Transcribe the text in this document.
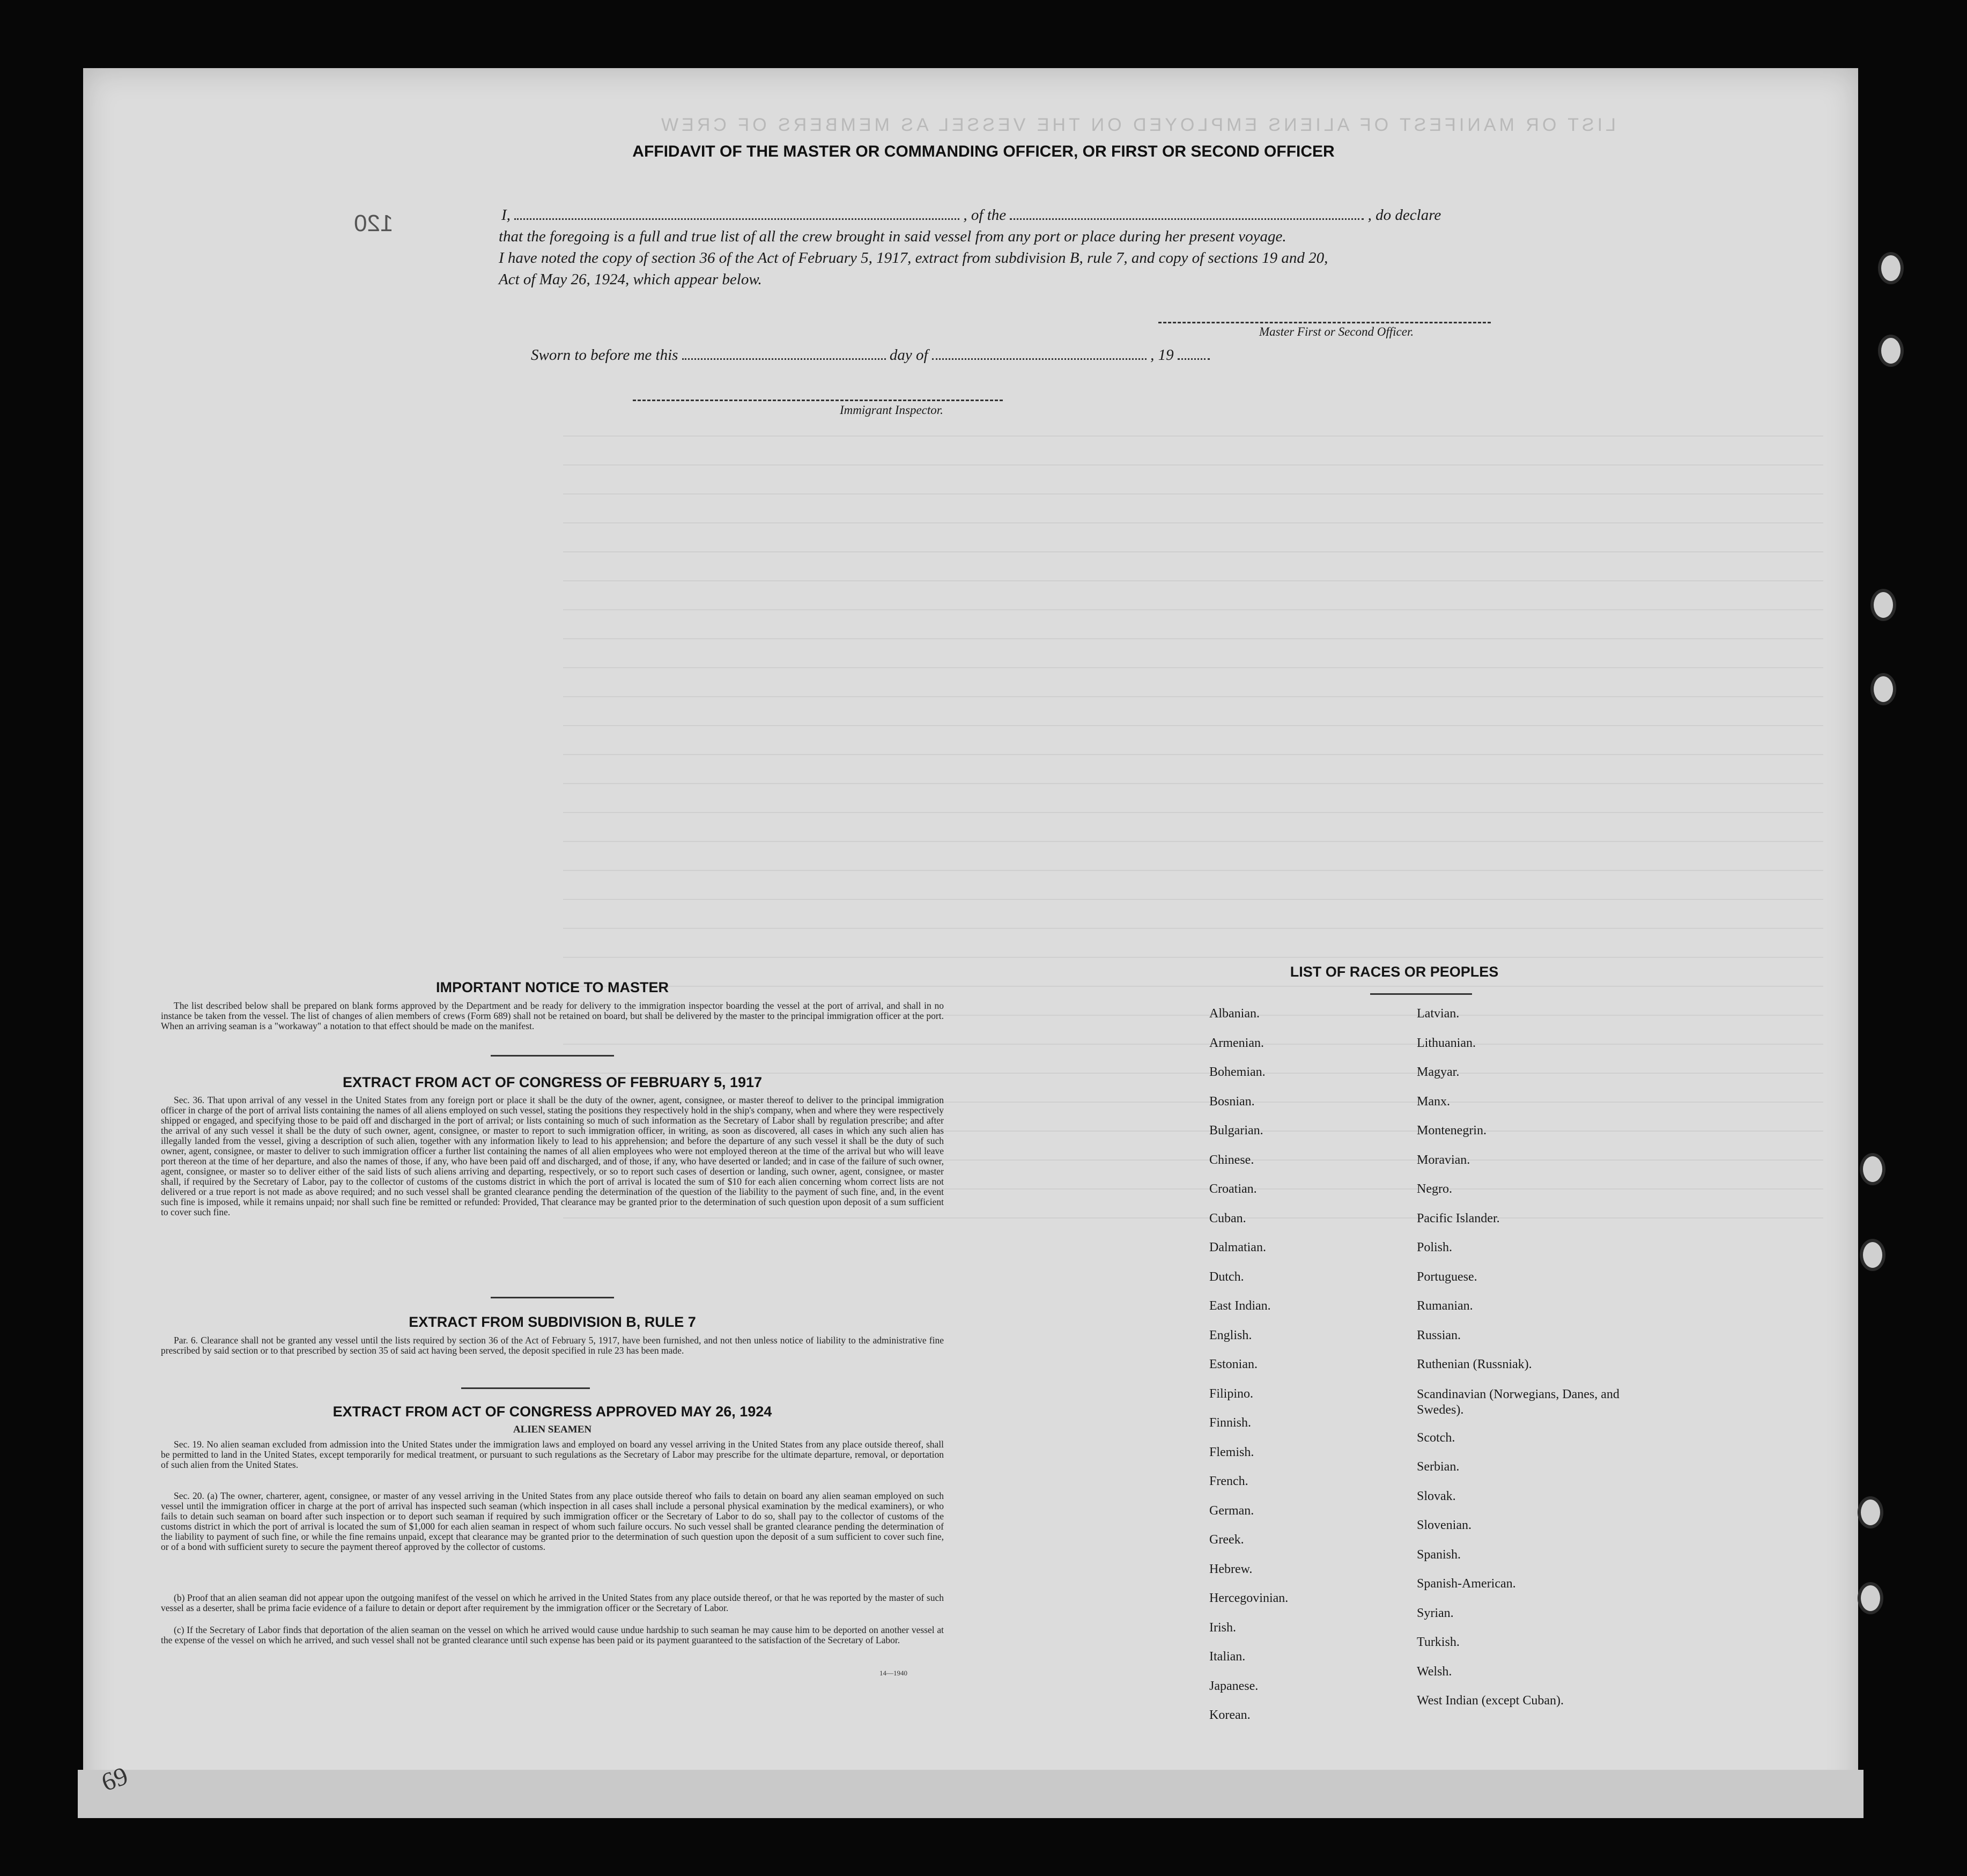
LIST OR MANIFEST OF ALIENS EMPLOYED ON THE VESSEL AS MEMBERS OF CREW
AFFIDAVIT OF THE MASTER OR COMMANDING OFFICER, OR FIRST OR SECOND OFFICER
120	I,	, of the	, do declare
that the foregoing is a full and true list of all the crew brought in said vessel from any port or place during her present voyage.
I have noted the copy of section 36 of the Act of February 5, 1917, extract from subdivision B, rule 7, and copy of sections 19 and 20,
Act of May 26, 1924, which appear below.
Master First or Second Officer.
Sworn to before me this	day of	, 19
Immigrant Inspector.
IMPORTANT NOTICE TO MASTER
The list described below shall be prepared on blank forms approved by the Department and be ready for delivery to the immigration inspector boarding the vessel at the port of arrival, and shall in no instance be taken from the vessel. The list of changes of alien members of crews (Form 689) shall not be retained on board, but shall be delivered by the master to the principal immigration officer at the port. When an arriving seaman is a "workaway" a notation to that effect should be made on the manifest.
EXTRACT FROM ACT OF CONGRESS OF FEBRUARY 5, 1917
Sec. 36. That upon arrival of any vessel in the United States from any foreign port or place it shall be the duty of the owner, agent, consignee, or master thereof to deliver to the principal immigration officer in charge of the port of arrival lists containing the names of all aliens employed on such vessel, stating the positions they respectively hold in the ship's company, when and where they were respectively shipped or engaged, and specifying those to be paid off and discharged in the port of arrival; or lists containing so much of such information as the Secretary of Labor shall by regulation prescribe; and after the arrival of any such vessel it shall be the duty of such owner, agent, consignee, or master to report to such immigration officer, in writing, as soon as discovered, all cases in which any such alien has illegally landed from the vessel, giving a description of such alien, together with any information likely to lead to his apprehension; and before the departure of any such vessel it shall be the duty of such owner, agent, consignee, or master to deliver to such immigration officer a further list containing the names of all alien employees who were not employed thereon at the time of the arrival but who will leave port thereon at the time of her departure, and also the names of those, if any, who have been paid off and discharged, and of those, if any, who have deserted or landed; and in case of the failure of such owner, agent, consignee, or master so to deliver either of the said lists of such aliens arriving and departing, respectively, or so to report such cases of desertion or landing, such owner, agent, consignee, or master shall, if required by the Secretary of Labor, pay to the collector of customs of the customs district in which the port of arrival is located the sum of $10 for each alien concerning whom correct lists are not delivered or a true report is not made as above required; and no such vessel shall be granted clearance pending the determination of the question of the liability to the payment of such fine, and, in the event such fine is imposed, while it remains unpaid; nor shall such fine be remitted or refunded: Provided, That clearance may be granted prior to the determination of such question upon deposit of a sum sufficient to cover such fine.
EXTRACT FROM SUBDIVISION B, RULE 7
Par. 6. Clearance shall not be granted any vessel until the lists required by section 36 of the Act of February 5, 1917, have been furnished, and not then unless notice of liability to the administrative fine prescribed by said section or to that prescribed by section 35 of said act having been served, the deposit specified in rule 23 has been made.
EXTRACT FROM ACT OF CONGRESS APPROVED MAY 26, 1924
ALIEN SEAMEN
Sec. 19. No alien seaman excluded from admission into the United States under the immigration laws and employed on board any vessel arriving in the United States from any place outside thereof, shall be permitted to land in the United States, except temporarily for medical treatment, or pursuant to such regulations as the Secretary of Labor may prescribe for the ultimate departure, removal, or deportation of such alien from the United States.
Sec. 20. (a) The owner, charterer, agent, consignee, or master of any vessel arriving in the United States from any place outside thereof who fails to detain on board any alien seaman employed on such vessel until the immigration officer in charge at the port of arrival has inspected such seaman (which inspection in all cases shall include a personal physical examination by the medical examiners), or who fails to detain such seaman on board after such inspection or to deport such seaman if required by such immigration officer or the Secretary of Labor to do so, shall pay to the collector of customs of the customs district in which the port of arrival is located the sum of $1,000 for each alien seaman in respect of whom such failure occurs. No such vessel shall be granted clearance pending the determination of the liability to payment of such fine, or while the fine remains unpaid, except that clearance may be granted prior to the determination of such question upon the deposit of a sum sufficient to cover such fine, or of a bond with sufficient surety to secure the payment thereof approved by the collector of customs.
(b) Proof that an alien seaman did not appear upon the outgoing manifest of the vessel on which he arrived in the United States from any place outside thereof, or that he was reported by the master of such vessel as a deserter, shall be prima facie evidence of a failure to detain or deport after requirement by the immigration officer or the Secretary of Labor.
(c) If the Secretary of Labor finds that deportation of the alien seaman on the vessel on which he arrived would cause undue hardship to such seaman he may cause him to be deported on another vessel at the expense of the vessel on which he arrived, and such vessel shall not be granted clearance until such expense has been paid or its payment guaranteed to the satisfaction of the Secretary of Labor.
14—1940
69
LIST OF RACES OR PEOPLES
Albanian.
Armenian.
Bohemian.
Bosnian.
Bulgarian.
Chinese.
Croatian.
Cuban.
Dalmatian.
Dutch.
East Indian.
English.
Estonian.
Filipino.
Finnish.
Flemish.
French.
German.
Greek.
Hebrew.
Hercegovinian.
Irish.
Italian.
Japanese.
Korean.
Latvian.
Lithuanian.
Magyar.
Manx.
Montenegrin.
Moravian.
Negro.
Pacific Islander.
Polish.
Portuguese.
Rumanian.
Russian.
Ruthenian (Russniak).
Scandinavian (Norwegians, Danes, and Swedes).
Scotch.
Serbian.
Slovak.
Slovenian.
Spanish.
Spanish-American.
Syrian.
Turkish.
Welsh.
West Indian (except Cuban).
